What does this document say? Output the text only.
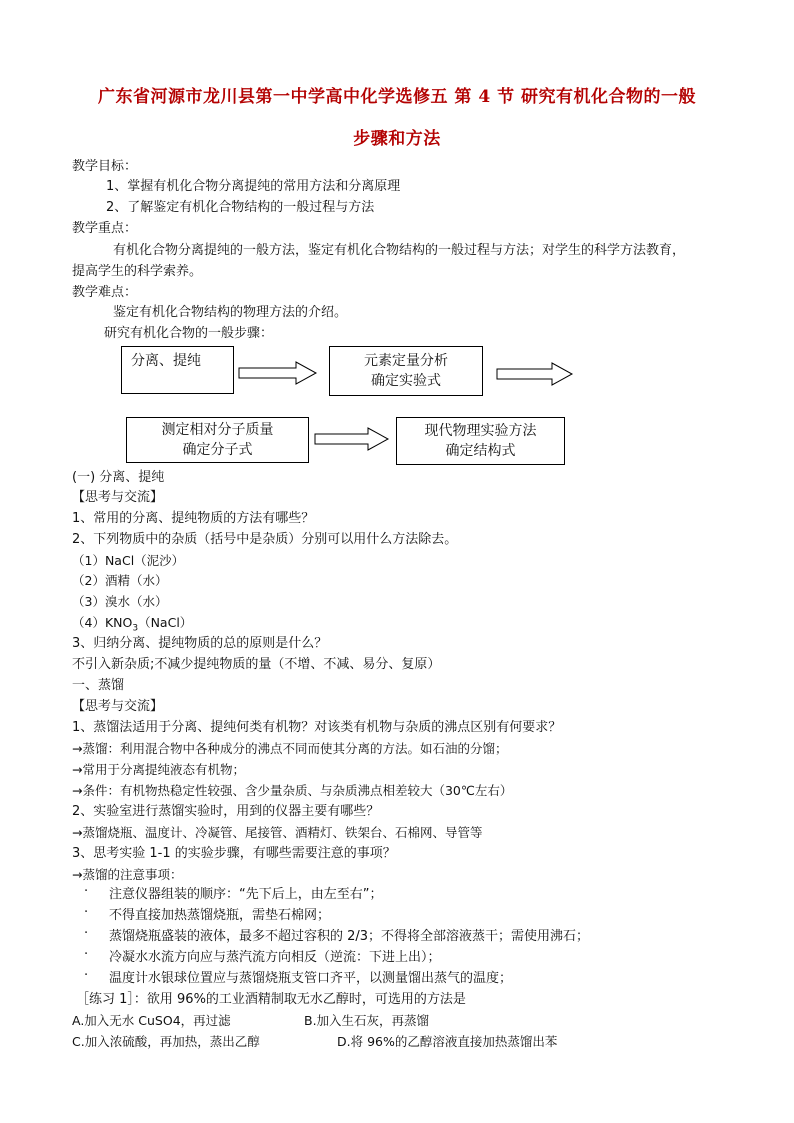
广东省河源市龙川县第一中学高中化学选修五 第 4 节 研究有机化合物的一般
步骤和方法
教学目标：
1、掌握有机化合物分离提纯的常用方法和分离原理
2、了解鉴定有机化合物结构的一般过程与方法
教学重点：
有机化合物分离提纯的一般方法，鉴定有机化合物结构的一般过程与方法；对学生的科学方法教育，
提高学生的科学索养。
教学难点：
鉴定有机化合物结构的物理方法的介绍。
研究有机化合物的一般步骤：
分离、提纯	元素定量分析
确定实验式
测定相对分子质量
确定分子式
现代物理实验方法
确定结构式
(一) 分离、提纯
【思考与交流】
1、常用的分离、提纯物质的方法有哪些？
2、下列物质中的杂质（括号中是杂质）分别可以用什么方法除去。
（1）NaCl（泥沙）
（2）酒精（水）
（3）溴水（水）
$(4)KNO_3(NaCl)$
3、归纳分离、提纯物质的总的原则是什么？
不引入新杂质;不减少提纯物质的量（不增、不减、易分、复原）
一、蒸馏
【思考与交流】
1、蒸馏法适用于分离、提纯何类有机物？对该类有机物与杂质的沸点区别有何要求？
→蒸馏：利用混合物中各种成分的沸点不同而使其分离的方法。如石油的分馏；
→常用于分离提纯液态有机物；
→条件：有机物热稳定性较强、含少量杂质、与杂质沸点相差较大（30℃左右）
2、实验室进行蒸馏实验时，用到的仪器主要有哪些？
→蒸馏烧瓶、温度计、冷凝管、尾接管、酒精灯、铁架台、石棉网、导管等
3、思考实验 1-1 的实验步骤，有哪些需要注意的事项？
→蒸馏的注意事项：
· 注意仪器组装的顺序：“先下后上，由左至右”；
· 不得直接加热蒸馏烧瓶，需垫石棉网；
· 蒸馏烧瓶盛装的液体，最多不超过容积的 2/3；不得将全部溶液蒸干；需使用沸石；
· 冷凝水水流方向应与蒸汽流方向相反（逆流：下进上出）；
· 温度计水银球位置应与蒸馏烧瓶支管口齐平，以测量馏出蒸气的温度；
［练习 1］：欲用 96%的工业酒精制取无水乙醇时，可选用的方法是
A.加入无水 CuSO4，再过滤	B.加入生石灰，再蒸馏
C.加入浓硫酸，再加热，蒸出乙醇	D.将 96%的乙醇溶液直接加热蒸馏出苯
